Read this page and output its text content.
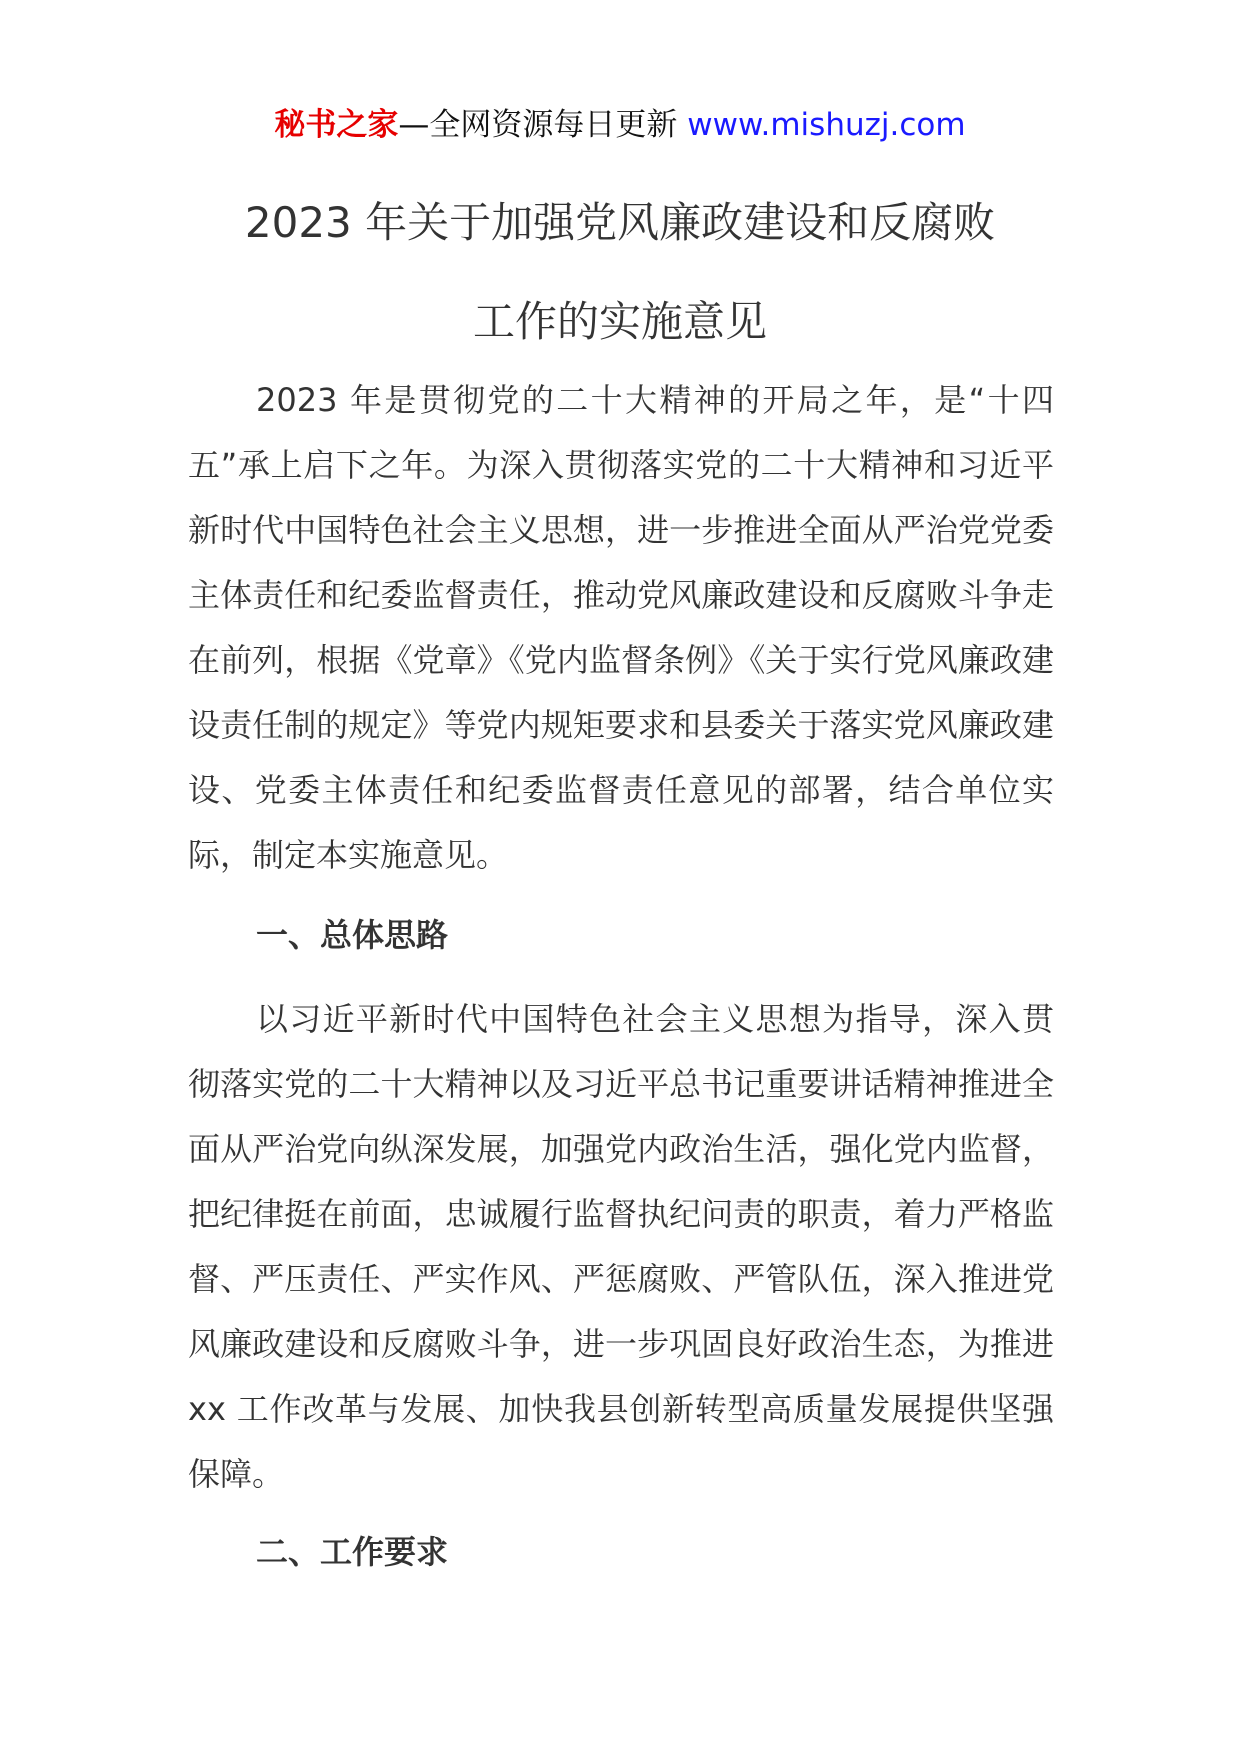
秘书之家—全网资源每日更新 www.mishuzj.com
2023 年关于加强党风廉政建设和反腐败
工作的实施意见

2023 年是贯彻党的二十大精神的开局之年，是“十四五”承上启下之年。为深入贯彻落实党的二十大精神和习近平新时代中国特色社会主义思想，进一步推进全面从严治党党委主体责任和纪委监督责任，推动党风廉政建设和反腐败斗争走在前列，根据《党章》《党内监督条例》《关于实行党风廉政建设责任制的规定》等党内规矩要求和县委关于落实党风廉政建设、党委主体责任和纪委监督责任意见的部署，结合单位实际，制定本实施意见。

一、总体思路

以习近平新时代中国特色社会主义思想为指导，深入贯彻落实党的二十大精神以及习近平总书记重要讲话精神推进全面从严治党向纵深发展，加强党内政治生活，强化党内监督，把纪律挺在前面，忠诚履行监督执纪问责的职责，着力严格监督、严压责任、严实作风、严惩腐败、严管队伍，深入推进党风廉政建设和反腐败斗争，进一步巩固良好政治生态，为推进 xx 工作改革与发展、加快我县创新转型高质量发展提供坚强保障。

二、工作要求
